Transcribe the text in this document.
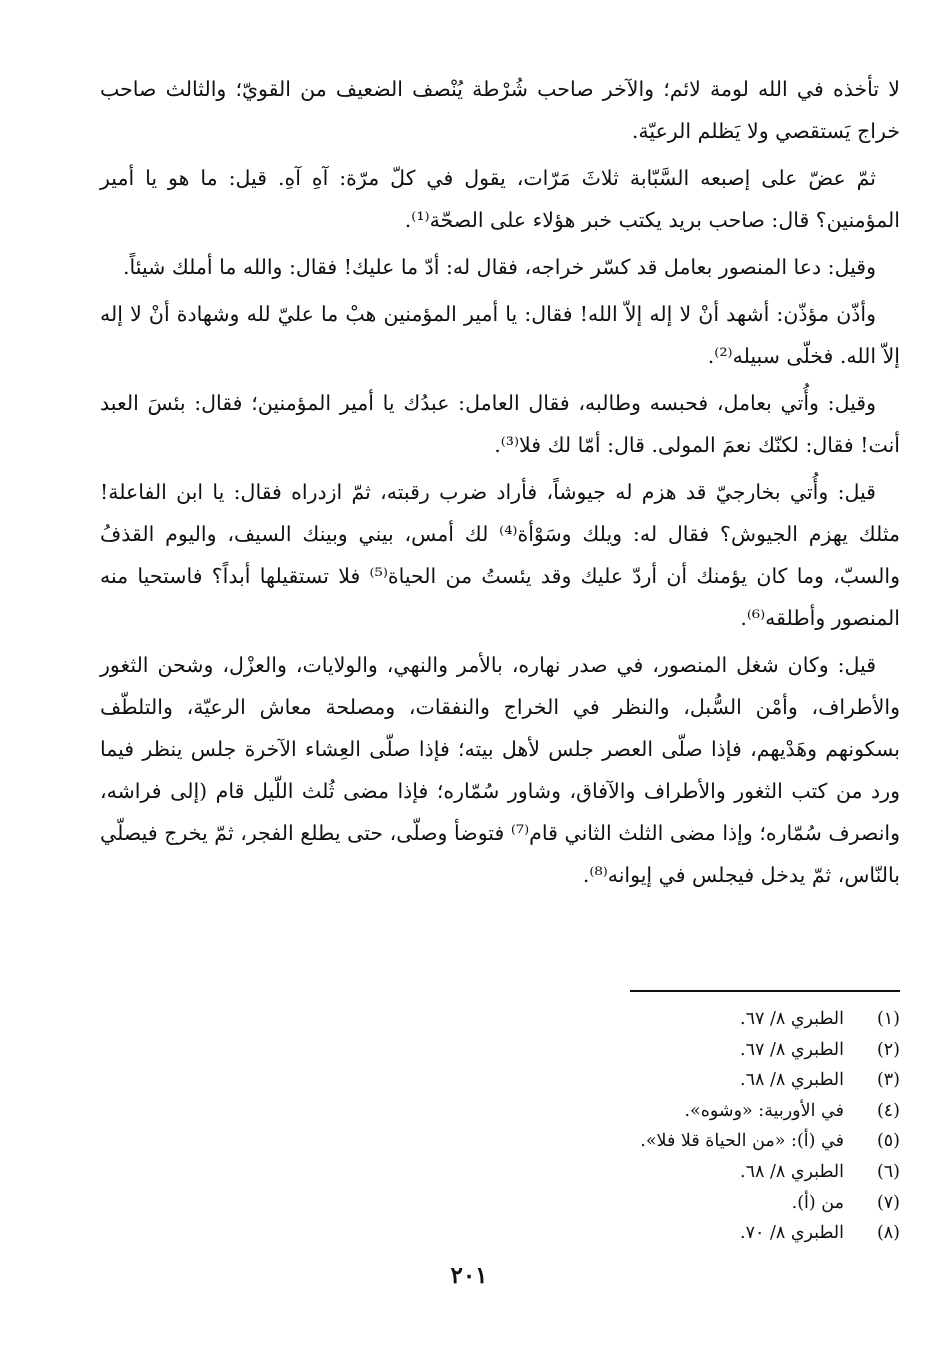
لا تأخذه في الله لومة لائم؛ والآخر صاحب شُرْطة يُنْصف الضعيف من القويّ؛ والثالث صاحب خراج يَستقصي ولا يَظلم الرعيّة.

ثمّ عضّ على إصبعه السَّبّابة ثلاثَ مَرّات، يقول في كلّ مرّة: آهِ آهِ. قيل: ما هو يا أمير المؤمنين؟ قال: صاحب بريد يكتب خبر هؤلاء على الصحّة⁽¹⁾.

وقيل: دعا المنصور بعامل قد كسّر خراجه، فقال له: أدّ ما عليك! فقال: والله ما أملك شيئاً.

وأذّن مؤذّن: أشهد أنْ لا إله إلاّ الله! فقال: يا أمير المؤمنين هبْ ما عليّ لله وشهادة أنْ لا إله إلاّ الله. فخلّى سبيله⁽²⁾.

وقيل: وأُتي بعامل، فحبسه وطالبه، فقال العامل: عبدُك يا أمير المؤمنين؛ فقال: بئسَ العبد أنت! فقال: لكنّك نعمَ المولى. قال: أمّا لك فلا⁽³⁾.

قيل: وأُتي بخارجيّ قد هزم له جيوشاً، فأراد ضرب رقبته، ثمّ ازدراه فقال: يا ابن الفاعلة! مثلك يهزم الجيوش؟ فقال له: ويلك وسَوْأة⁽⁴⁾ لك أمس، بيني وبينك السيف، واليوم القذفُ والسبّ، وما كان يؤمنك أن أردّ عليك وقد يئستُ من الحياة⁽⁵⁾ فلا تستقيلها أبداً؟ فاستحيا منه المنصور وأطلقه⁽⁶⁾.

قيل: وكان شغل المنصور، في صدر نهاره، بالأمر والنهي، والولايات، والعزْل، وشحن الثغور والأطراف، وأمْن السُّبل، والنظر في الخراج والنفقات، ومصلحة معاش الرعيّة، والتلطّف بسكونهم وهَدْيهم، فإذا صلّى العصر جلس لأهل بيته؛ فإذا صلّى العِشاء الآخرة جلس ينظر فيما ورد من كتب الثغور والأطراف والآفاق، وشاور سُمّاره؛ فإذا مضى ثُلث اللّيل قام (إلى فراشه، وانصرف سُمّاره؛ وإذا مضى الثلث الثاني قام⁽⁷⁾ فتوضأ وصلّى، حتى يطلع الفجر، ثمّ يخرج فيصلّي بالنّاس، ثمّ يدخل فيجلس في إيوانه⁽⁸⁾.

(١)
الطبري ٨/ ٦٧.
(٢)
الطبري ٨/ ٦٧.
(٣)
الطبري ٨/ ٦٨.
(٤)
في الأوربية: «وشوه».
(٥)
في (أ): «من الحياة قلا فلا».
(٦)
الطبري ٨/ ٦٨.
(٧)
من (أ).
(٨)
الطبري ٨/ ٧٠.
٢٠١
